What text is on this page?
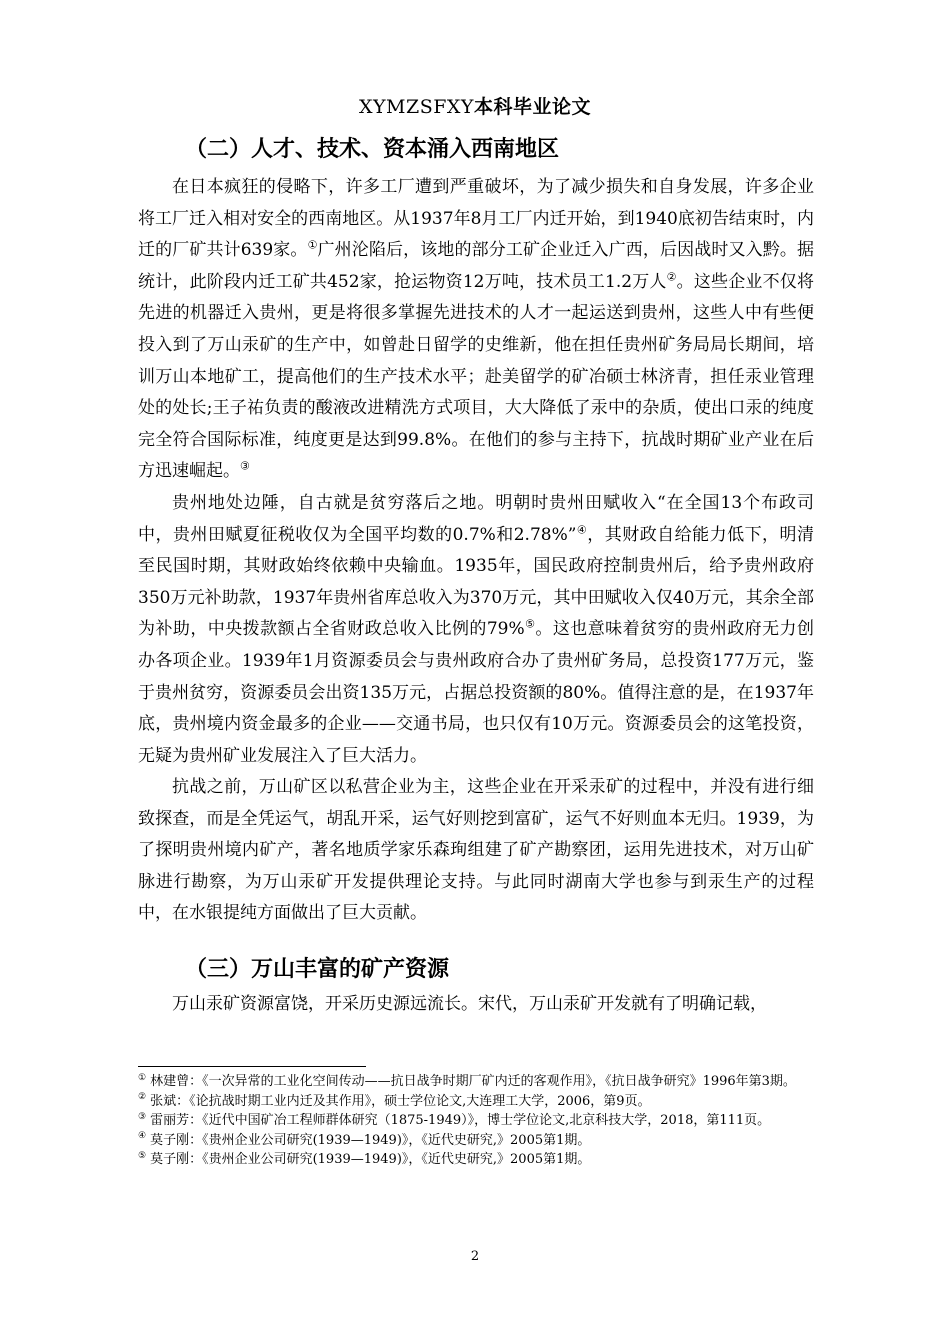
XYMZSFXY本科毕业论文
（二）人才、技术、资本涌入西南地区

在日本疯狂的侵略下，许多工厂遭到严重破坏，为了减少损失和自身发展，许多企业将工厂迁入相对安全的西南地区。从1937年8月工厂内迁开始，到1940底初告结束时，内迁的厂矿共计639家。①广州沦陷后，该地的部分工矿企业迁入广西，后因战时又入黔。据统计，此阶段内迁工矿共452家，抢运物资12万吨，技术员工1.2万人②。这些企业不仅将先进的机器迁入贵州，更是将很多掌握先进技术的人才一起运送到贵州，这些人中有些便投入到了万山汞矿的生产中，如曾赴日留学的史维新，他在担任贵州矿务局局长期间，培训万山本地矿工，提高他们的生产技术水平；赴美留学的矿冶硕士林济青，担任汞业管理处的处长;王子祐负责的酸液改进精洗方式项目，大大降低了汞中的杂质，使出口汞的纯度完全符合国际标准，纯度更是达到99.8%。在他们的参与主持下，抗战时期矿业产业在后方迅速崛起。③

贵州地处边陲，自古就是贫穷落后之地。明朝时贵州田赋收入“在全国13个布政司中，贵州田赋夏征税收仅为全国平均数的0.7%和2.78%”④，其财政自给能力低下，明清至民国时期，其财政始终依赖中央输血。1935年，国民政府控制贵州后，给予贵州政府350万元补助款，1937年贵州省库总收入为370万元，其中田赋收入仅40万元，其余全部为补助，中央拨款额占全省财政总收入比例的79%⑤。这也意味着贫穷的贵州政府无力创办各项企业。1939年1月资源委员会与贵州政府合办了贵州矿务局，总投资177万元，鉴于贵州贫穷，资源委员会出资135万元，占据总投资额的80%。值得注意的是，在1937年底，贵州境内资金最多的企业——交通书局，也只仅有10万元。资源委员会的这笔投资，无疑为贵州矿业发展注入了巨大活力。

抗战之前，万山矿区以私营企业为主，这些企业在开采汞矿的过程中，并没有进行细致探查，而是全凭运气，胡乱开采，运气好则挖到富矿，运气不好则血本无归。1939，为了探明贵州境内矿产，著名地质学家乐森珣组建了矿产勘察团，运用先进技术，对万山矿脉进行勘察，为万山汞矿开发提供理论支持。与此同时湖南大学也参与到汞生产的过程中，在水银提纯方面做出了巨大贡献。

（三）万山丰富的矿产资源

万山汞矿资源富饶，开采历史源远流长。宋代，万山汞矿开发就有了明确记载，

① 林建曾：《一次异常的工业化空间传动——抗日战争时期厂矿内迁的客观作用》，《抗日战争研究》1996年第3期。

② 张斌：《论抗战时期工业内迁及其作用》，硕士学位论文,大连理工大学，2006，第9页。

③ 雷丽芳：《近代中国矿冶工程师群体研究（1875-1949）》，博士学位论文,北京科技大学，2018，第111页。

④ 莫子刚：《贵州企业公司研究(1939—1949)》，《近代史研究,》2005第1期。

⑤ 莫子刚：《贵州企业公司研究(1939—1949)》，《近代史研究,》2005第1期。

2
